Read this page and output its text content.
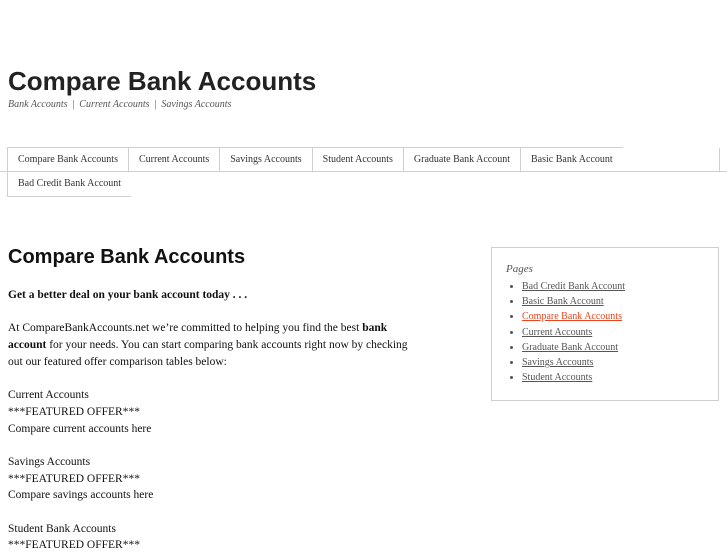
Compare Bank Accounts
Bank Accounts | Current Accounts | Savings Accounts
Compare Bank Accounts	Current Accounts	Savings Accounts	Student Accounts	Graduate Bank Account	Basic Bank Account
Bad Credit Bank Account
Compare Bank Accounts

Get a better deal on your bank account today . . .

At CompareBankAccounts.net we’re committed to helping you find the best bank account for your needs. You can start comparing bank accounts right now by checking out our featured offer comparison tables below:

Current Accounts

***FEATURED OFFER***

Compare current accounts here

Savings Accounts

***FEATURED OFFER***

Compare savings accounts here

Student Bank Accounts

***FEATURED OFFER***

Pages
• Bad Credit Bank Account
• Basic Bank Account
• Compare Bank Accounts
• Current Accounts
• Graduate Bank Account
• Savings Accounts
• Student Accounts
